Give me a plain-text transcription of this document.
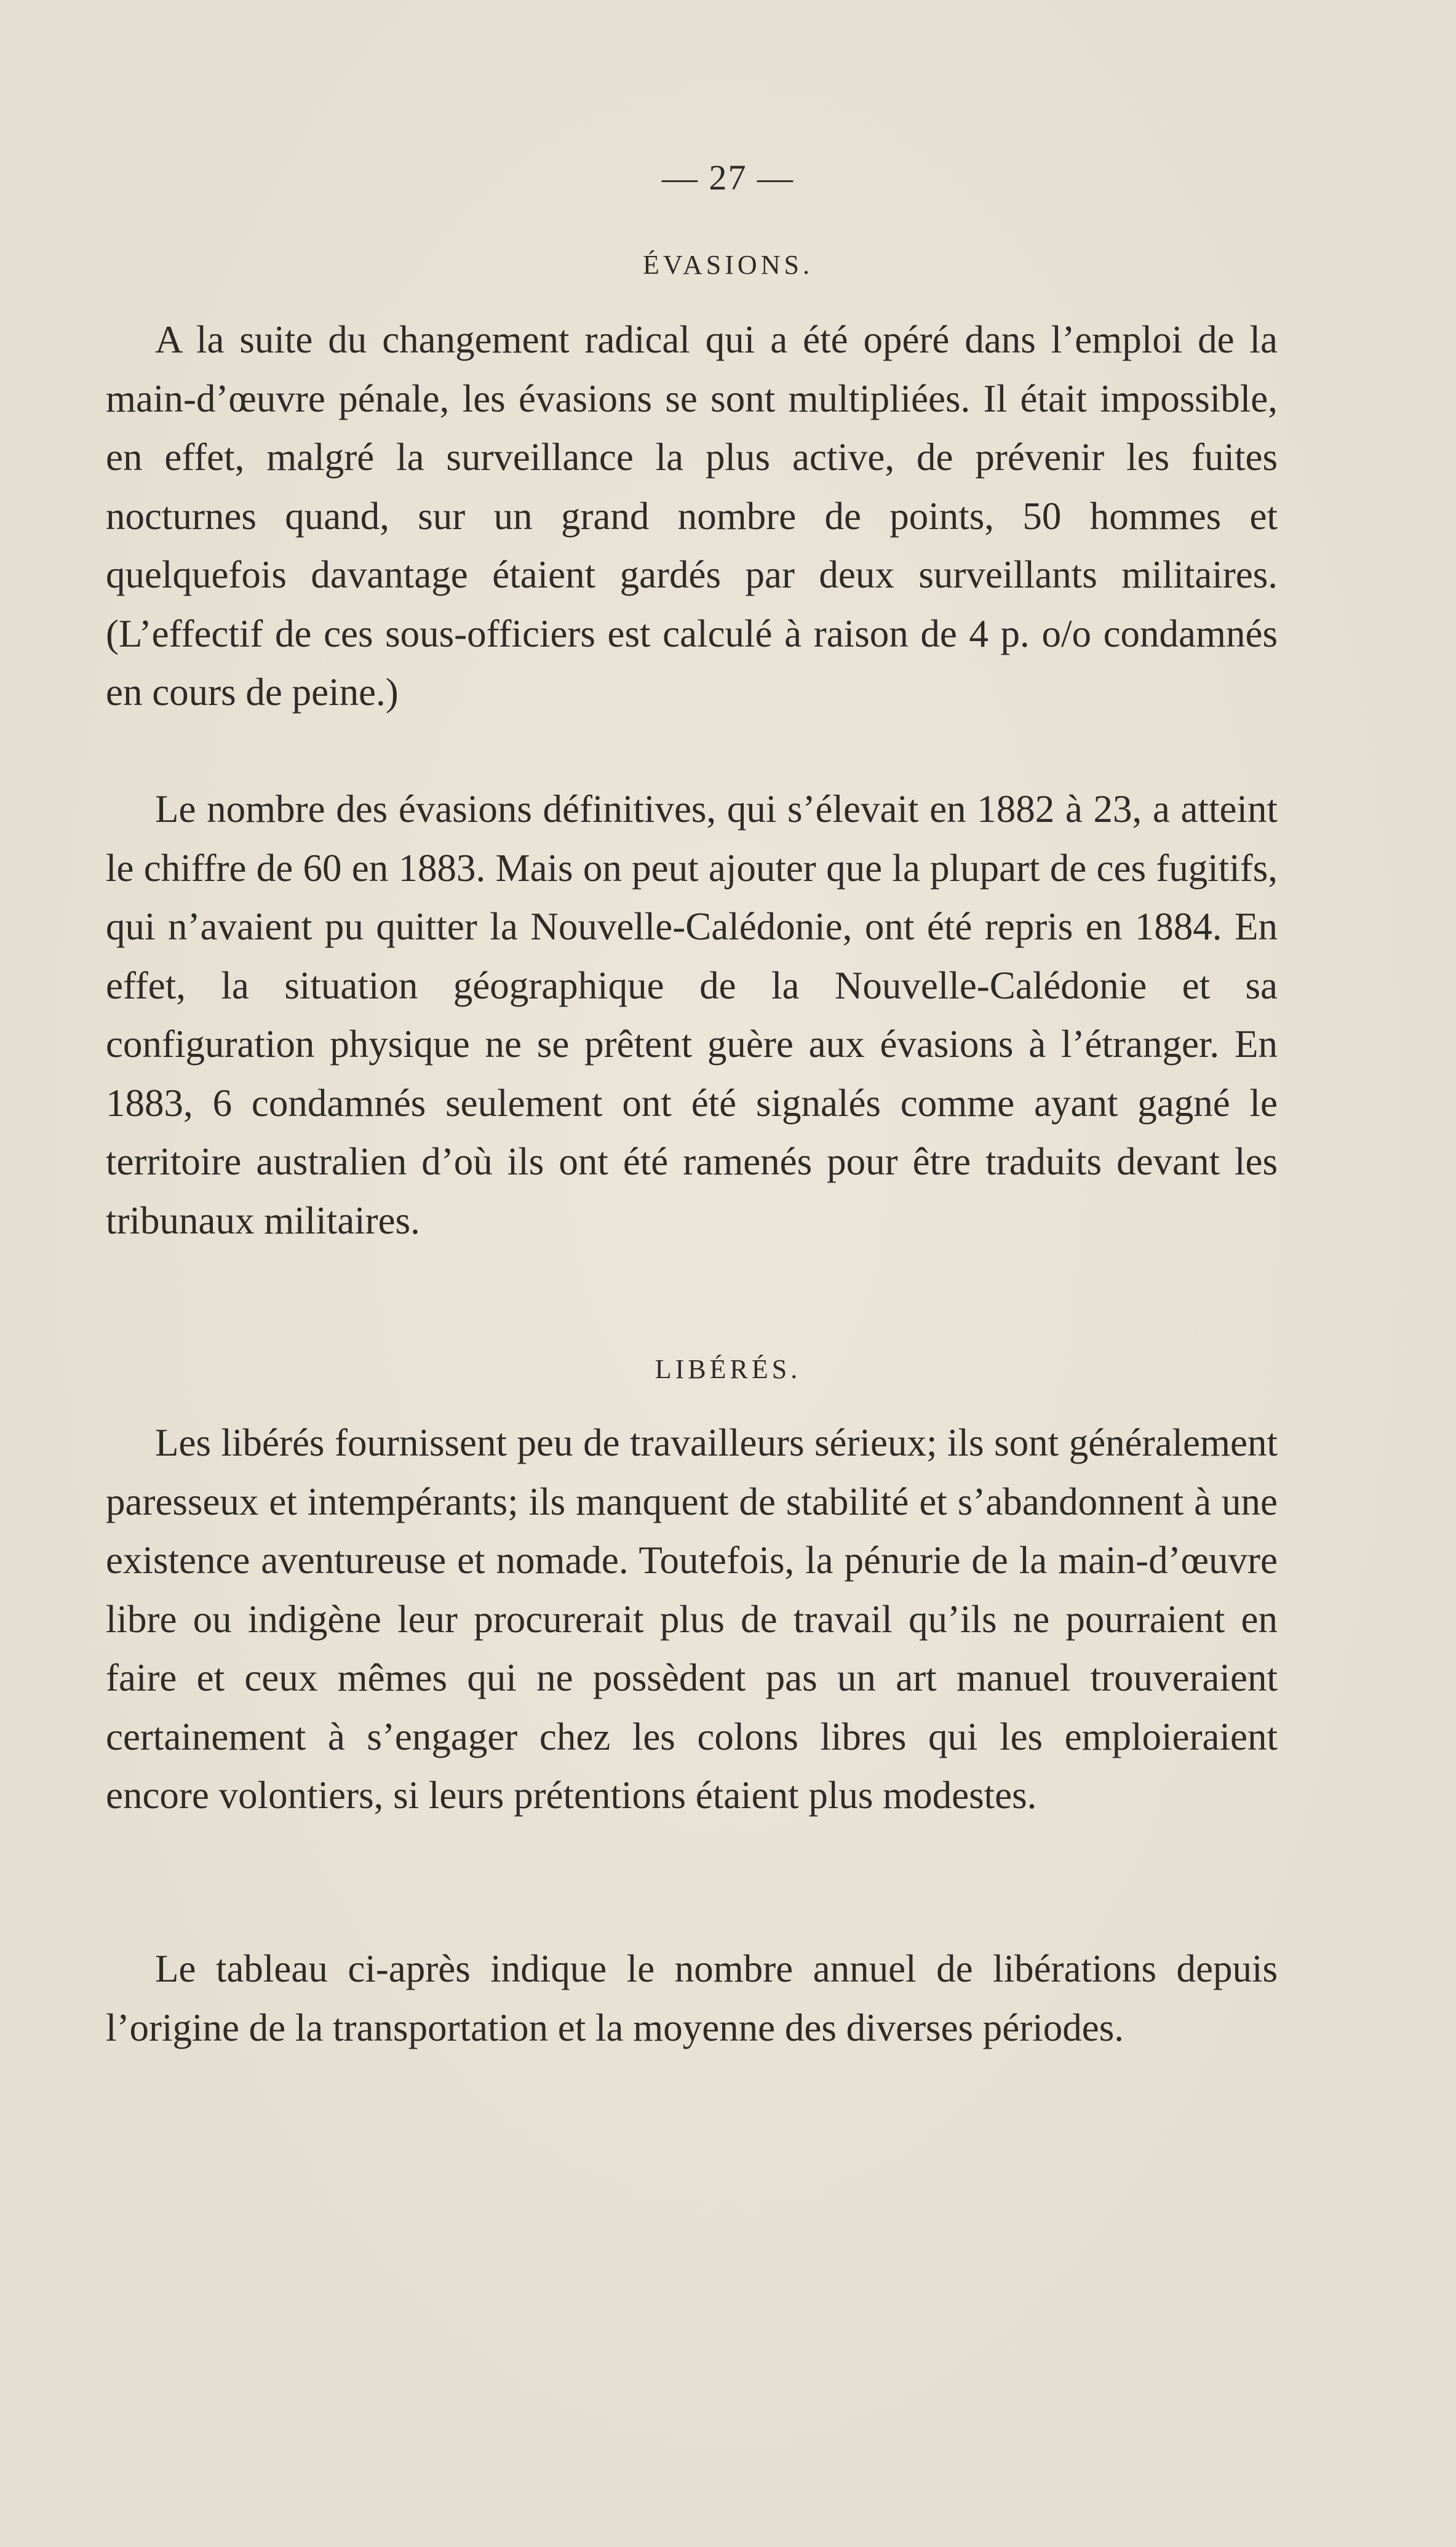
— 27 —
ÉVASIONS.

A la suite du changement radical qui a été opéré dans l’emploi de la main-d’œuvre pénale, les évasions se sont multipliées. Il était impossible, en effet, malgré la surveillance la plus active, de prévenir les fuites nocturnes quand, sur un grand nombre de points, 50 hommes et quelquefois davantage étaient gardés par deux surveillants militaires. (L’effectif de ces sous-officiers est calculé à raison de 4 p. o/o condamnés en cours de peine.)

Le nombre des évasions définitives, qui s’élevait en 1882 à 23, a atteint le chiffre de 60 en 1883. Mais on peut ajouter que la plupart de ces fugitifs, qui n’avaient pu quitter la Nouvelle-Calédonie, ont été repris en 1884. En effet, la situation géographique de la Nouvelle-Calédonie et sa configuration physique ne se prêtent guère aux évasions à l’étranger. En 1883, 6 condamnés seulement ont été signalés comme ayant gagné le territoire australien d’où ils ont été ramenés pour être traduits devant les tribunaux militaires.

LIBÉRÉS.

Les libérés fournissent peu de travailleurs sérieux; ils sont généralement paresseux et intempérants; ils manquent de stabilité et s’abandonnent à une existence aventureuse et nomade. Toutefois, la pénurie de la main-d’œuvre libre ou indigène leur procurerait plus de travail qu’ils ne pourraient en faire et ceux mêmes qui ne possèdent pas un art manuel trouveraient certainement à s’engager chez les colons libres qui les emploieraient encore volontiers, si leurs prétentions étaient plus modestes.

Le tableau ci-après indique le nombre annuel de libérations depuis l’origine de la transportation et la moyenne des diverses périodes.
